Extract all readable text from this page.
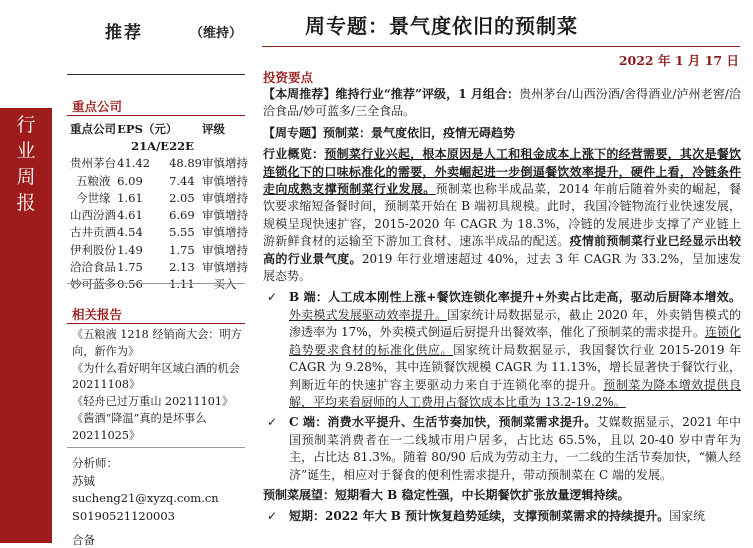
推荐	（维持）	周专题：景气度依旧的预制菜
2022 年 1 月 17 日
行业周报
重点公司
重点公司	EPS（元）		评级
	21A/E	22E	
贵州茅台	41.42	48.89	审慎增持
五粮液	6.09	7.44	审慎增持
今世缘	1.61	2.05	审慎增持
山西汾酒	4.61	6.69	审慎增持
古井贡酒	4.54	5.55	审慎增持
伊利股份	1.49	1.75	审慎增持
洽洽食品	1.75	2.13	审慎增持
妙可蓝多	0.56	1.11	买入
相关报告

《五粮液 1218 经销商大会：明方向，新作为》

《为什么看好明年区域白酒的机会 20211108》

《轻舟已过万重山 20211101》

《酱酒“降温”真的是坏事么 20211025》

分析师：

苏铖

sucheng21@xyzq.com.cn

S0190521120003

合备
投资要点

【本周推荐】维持行业“推荐”评级，1 月组合：贵州茅台/山西汾酒/舍得酒业/泸州老窖/洽洽食品/妙可蓝多/三全食品。

【周专题】预制菜：景气度依旧，疫情无碍趋势

行业概览：预制菜行业兴起，根本原因是人工和租金成本上涨下的经营需要，其次是餐饮连锁化下的口味标准化的需要，外卖崛起进一步倒逼餐饮效率提升，硬件上看，冷链条件走向成熟支撑预制菜行业发展。预制菜也称半成品菜，2014 年前后随着外卖的崛起，餐饮要求缩短备餐时间，预制菜开始在 B 端初具规模。此时，我国冷链物流行业快速发展，规模呈现快速扩容，2015-2020 年 CAGR 为 18.3%，冷链的发展进步支撑了产业链上游新鲜食材的运输至下游加工食材、速冻半成品的配送。疫情前预制菜行业已经显示出较高的行业景气度。2019 年行业增速超过 40%，过去 3 年 CAGR 为 33.2%，呈加速发展态势。

✓ B 端：人工成本刚性上涨+餐饮连锁化率提升+外卖占比走高，驱动后厨降本增效。外卖模式发展驱动效率提升。国家统计局数据显示，截止 2020 年，外卖销售模式的渗透率为 17%，外卖模式倒逼后厨提升出餐效率，催化了预制菜的需求提升。连锁化趋势要求食材的标准化供应。国家统计局数据显示，我国餐饮行业 2015-2019 年 CAGR 为 9.28%，其中连锁餐饮规模 CAGR 为 11.13%，增长显著快于餐饮行业，判断近年的快速扩容主要驱动力来自于连锁化率的提升。预制菜为降本增效提供良解，平均来看厨师的人工费用占餐饮成本比重为 13.2-19.2%。
✓ C 端：消费水平提升、生活节奏加快，预制菜需求提升。艾媒数据显示，2021 年中国预制菜消费者在一二线城市用户居多，占比达 65.5%，且以 20-40 岁中青年为主，占比达 81.3%。随着 80/90 后成为劳动主力，一二线的生活节奏加快，“懒人经济”诞生，相应对于餐食的便利性需求提升，带动预制菜在 C 端的发展。

预制菜展望：短期看大 B 稳定性强，中长期餐饮扩张放量逻辑持续。

✓ 短期：2022 年大 B 预计恢复趋势延续，支撑预制菜需求的持续提升。国家统
